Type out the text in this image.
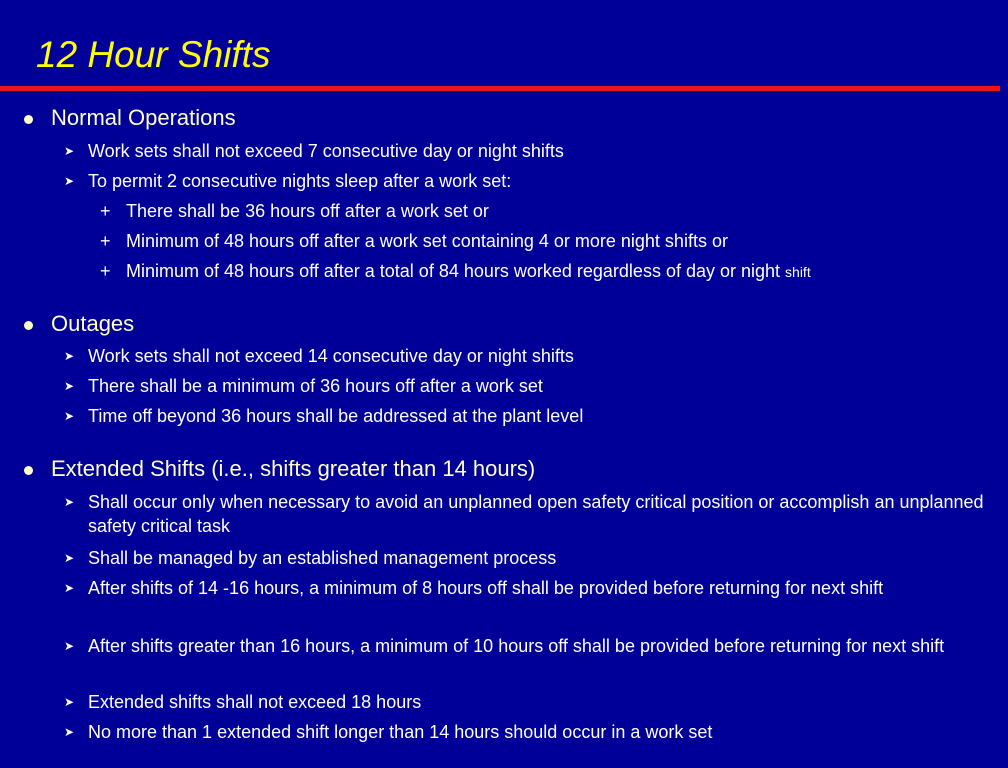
12 Hour Shifts
Normal Operations
➤ Work sets shall not exceed 7 consecutive day or night shifts
➤ To permit 2 consecutive nights sleep after a work set:
+ There shall be 36 hours off after a work set or
+ Minimum of 48 hours off after a work set containing 4 or more night shifts or
+ Minimum of 48 hours off after a total of 84 hours worked regardless of day or night shift
Outages
➤ Work sets shall not exceed 14 consecutive day or night shifts
➤ There shall be a minimum of 36 hours off after a work set
➤ Time off beyond 36 hours shall be addressed at the plant level
Extended Shifts (i.e., shifts greater than 14 hours)
➤ Shall occur only when necessary to avoid an unplanned open safety critical position or accomplish an unplanned safety critical task
➤ Shall be managed by an established management process
➤ After shifts of 14 -16 hours, a minimum of 8 hours off shall be provided before returning for next shift
➤ After shifts greater than 16 hours, a minimum of 10 hours off shall be provided before returning for next shift
➤ Extended shifts shall not exceed 18 hours
➤ No more than 1 extended shift longer than 14 hours should occur in a work set
